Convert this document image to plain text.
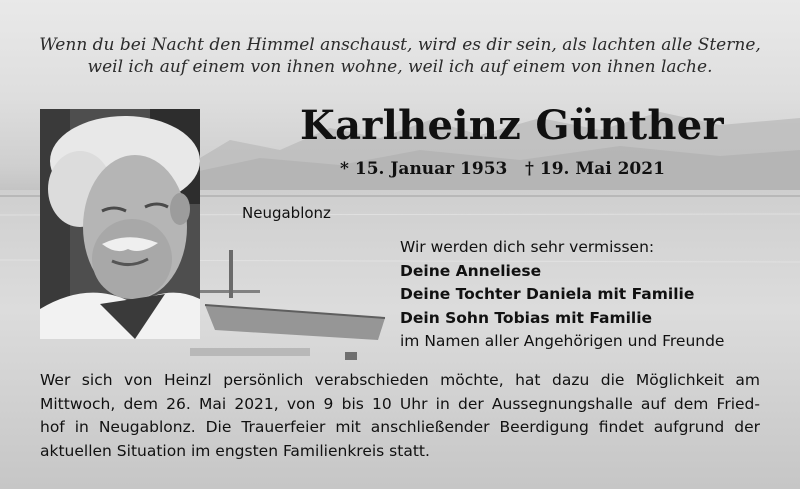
Wenn du bei Nacht den Himmel anschaust, wird es dir sein, als lachten alle Sterne,
weil ich auf einem von ihnen wohne, weil ich auf einem von ihnen lache.
Karlheinz Günther
* 15. Januar 1953 † 19. Mai 2021
Neugablonz
Wir werden dich sehr vermissen:
Deine Anneliese
Deine Tochter Daniela mit Familie
Dein Sohn Tobias mit Familie
im Namen aller Angehörigen und Freunde
Wer sich von Heinzl persönlich verabschieden möchte, hat dazu die Möglichkeit am
Mittwoch, dem 26. Mai 2021, von 9 bis 10 Uhr in der Aussegnungshalle auf dem Fried-
hof in Neugablonz. Die Trauerfeier mit anschließender Beerdigung findet aufgrund der
aktuellen Situation im engsten Familienkreis statt.
